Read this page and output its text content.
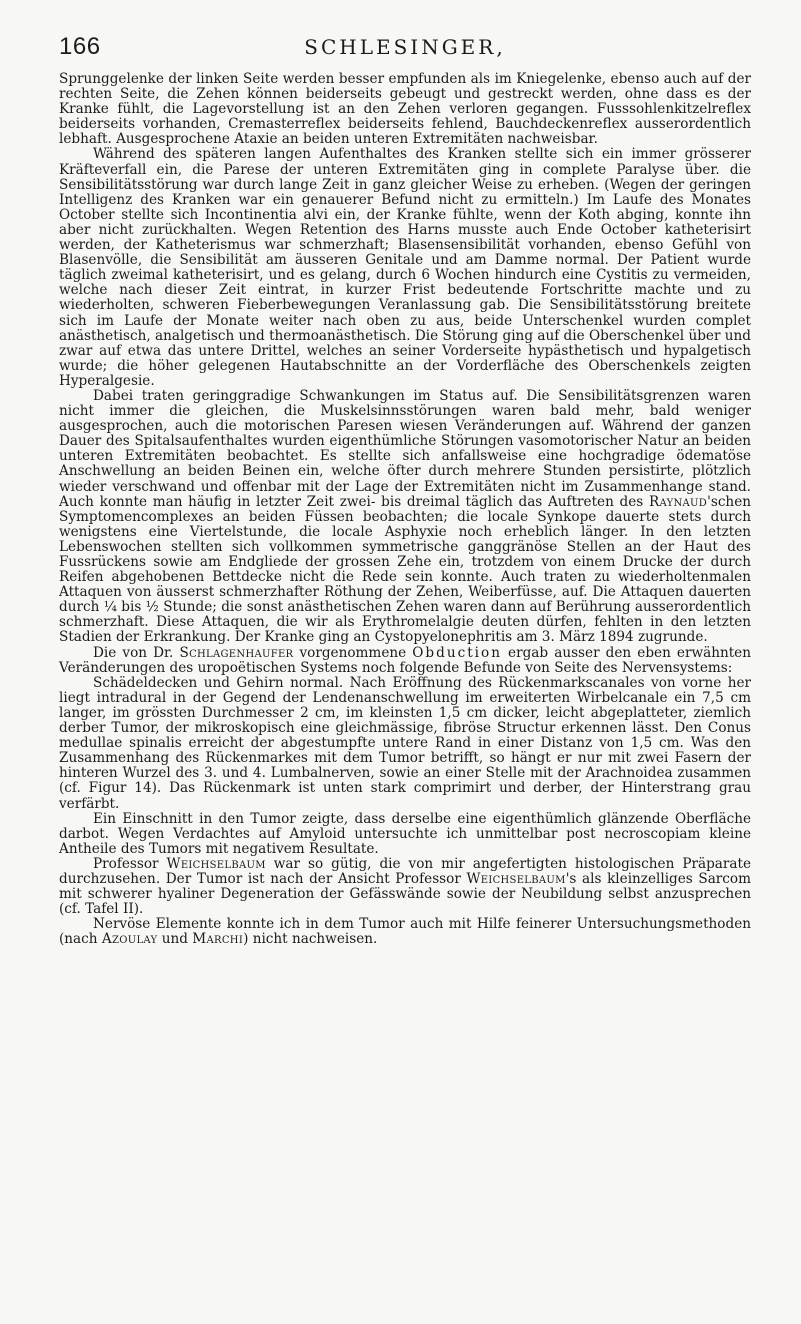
166	SCHLESINGER,

Sprunggelenke der linken Seite werden besser empfunden als im Kniegelenke, ebenso auch auf der rechten Seite, die Zehen können beiderseits gebeugt und gestreckt werden, ohne dass es der Kranke fühlt, die Lagevorstellung ist an den Zehen verloren gegangen. Fusssohlenkitzelreflex beiderseits vorhanden, Cremasterreflex beiderseits fehlend, Bauchdeckenreflex ausserordentlich lebhaft. Ausgesprochene Ataxie an beiden unteren Extremitäten nachweisbar.

Während des späteren langen Aufenthaltes des Kranken stellte sich ein immer grösserer Kräfteverfall ein, die Parese der unteren Extremitäten ging in complete Paralyse über. die Sensibilitätsstörung war durch lange Zeit in ganz gleicher Weise zu erheben. (Wegen der geringen Intelligenz des Kranken war ein genauerer Befund nicht zu ermitteln.) Im Laufe des Monates October stellte sich Incontinentia alvi ein, der Kranke fühlte, wenn der Koth abging, konnte ihn aber nicht zurückhalten. Wegen Retention des Harns musste auch Ende October katheterisirt werden, der Katheterismus war schmerzhaft; Blasensensibilität vorhanden, ebenso Gefühl von Blasenvölle, die Sensibilität am äusseren Genitale und am Damme normal. Der Patient wurde täglich zweimal katheterisirt, und es gelang, durch 6 Wochen hindurch eine Cystitis zu vermeiden, welche nach dieser Zeit eintrat, in kurzer Frist bedeutende Fortschritte machte und zu wiederholten, schweren Fieberbewegungen Veranlassung gab. Die Sensibilitätsstörung breitete sich im Laufe der Monate weiter nach oben zu aus, beide Unterschenkel wurden complet anästhetisch, analgetisch und thermoanästhetisch. Die Störung ging auf die Oberschenkel über und zwar auf etwa das untere Drittel, welches an seiner Vorderseite hypästhetisch und hypalgetisch wurde; die höher gelegenen Hautabschnitte an der Vorderfläche des Oberschenkels zeigten Hyperalgesie.

Dabei traten geringgradige Schwankungen im Status auf. Die Sensibilitätsgrenzen waren nicht immer die gleichen, die Muskelsinnsstörungen waren bald mehr, bald weniger ausgesprochen, auch die motorischen Paresen wiesen Veränderungen auf. Während der ganzen Dauer des Spitalsaufenthaltes wurden eigenthümliche Störungen vasomotorischer Natur an beiden unteren Extremitäten beobachtet. Es stellte sich anfallsweise eine hochgradige ödematöse Anschwellung an beiden Beinen ein, welche öfter durch mehrere Stunden persistirte, plötzlich wieder verschwand und offenbar mit der Lage der Extremitäten nicht im Zusammenhange stand. Auch konnte man häufig in letzter Zeit zwei- bis dreimal täglich das Auftreten des Raynaud'schen Symptomencomplexes an beiden Füssen beobachten; die locale Synkope dauerte stets durch wenigstens eine Viertelstunde, die locale Asphyxie noch erheblich länger. In den letzten Lebenswochen stellten sich vollkommen symmetrische ganggränöse Stellen an der Haut des Fussrückens sowie am Endgliede der grossen Zehe ein, trotzdem von einem Drucke der durch Reifen abgehobenen Bettdecke nicht die Rede sein konnte. Auch traten zu wiederholtenmalen Attaquen von äusserst schmerzhafter Röthung der Zehen, Weiberfüsse, auf. Die Attaquen dauerten durch ¼ bis ½ Stunde; die sonst anästhetischen Zehen waren dann auf Berührung ausserordentlich schmerzhaft. Diese Attaquen, die wir als Erythromelalgie deuten dürfen, fehlten in den letzten Stadien der Erkrankung. Der Kranke ging an Cystopyelonephritis am 3. März 1894 zugrunde.

Die von Dr. Schlagenhaufer vorgenommene Obduction ergab ausser den eben erwähnten Veränderungen des uropoëtischen Systems noch folgende Befunde von Seite des Nervensystems:

Schädeldecken und Gehirn normal. Nach Eröffnung des Rückenmarkscanales von vorne her liegt intradural in der Gegend der Lendenanschwellung im erweiterten Wirbelcanale ein 7,5 cm langer, im grössten Durchmesser 2 cm, im kleinsten 1,5 cm dicker, leicht abgeplatteter, ziemlich derber Tumor, der mikroskopisch eine gleichmässige, fibröse Structur erkennen lässt. Den Conus medullae spinalis erreicht der abgestumpfte untere Rand in einer Distanz von 1,5 cm. Was den Zusammenhang des Rückenmarkes mit dem Tumor betrifft, so hängt er nur mit zwei Fasern der hinteren Wurzel des 3. und 4. Lumbalnerven, sowie an einer Stelle mit der Arachnoidea zusammen (cf. Figur 14). Das Rückenmark ist unten stark comprimirt und derber, der Hinterstrang grau verfärbt.

Ein Einschnitt in den Tumor zeigte, dass derselbe eine eigenthümlich glänzende Oberfläche darbot. Wegen Verdachtes auf Amyloid untersuchte ich unmittelbar post necroscopiam kleine Antheile des Tumors mit negativem Resultate.

Professor Weichselbaum war so gütig, die von mir angefertigten histologischen Präparate durchzusehen. Der Tumor ist nach der Ansicht Professor Weichselbaum's als kleinzelliges Sarcom mit schwerer hyaliner Degeneration der Gefässwände sowie der Neubildung selbst anzusprechen (cf. Tafel II).

Nervöse Elemente konnte ich in dem Tumor auch mit Hilfe feinerer Untersuchungsmethoden (nach Azoulay und Marchi) nicht nachweisen.
